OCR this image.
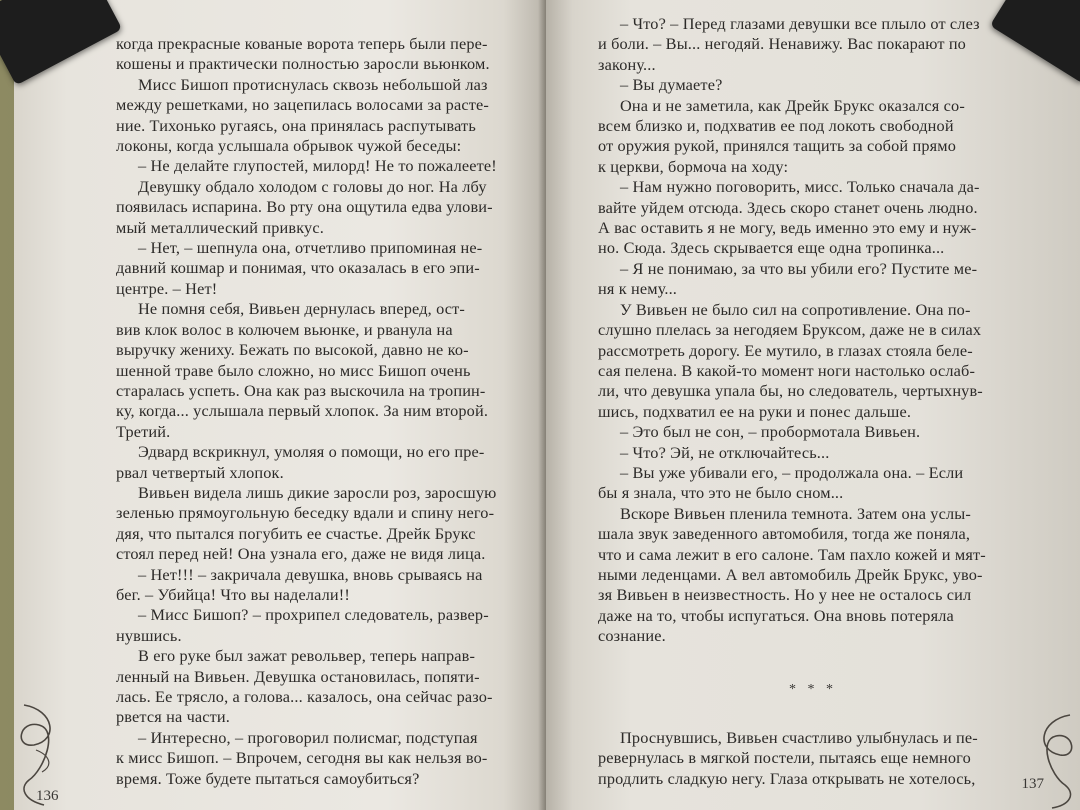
когда прекрасные кованые ворота теперь были пере-
кошены и практически полностью заросли вьюнком.
Мисс Бишоп протиснулась сквозь небольшой лаз
между решетками, но зацепилась волосами за расте-
ние. Тихонько ругаясь, она принялась распутывать
локоны, когда услышала обрывок чужой беседы:
– Не делайте глупостей, милорд! Не то пожалеете!
Девушку обдало холодом с головы до ног. На лбу
появилась испарина. Во рту она ощутила едва улови-
мый металлический привкус.
– Нет, – шепнула она, отчетливо припоминая не-
давний кошмар и понимая, что оказалась в его эпи-
центре. – Нет!
Не помня себя, Вивьен дернулась вперед, ост-
вив клок волос в колючем вьюнке, и рванула на
выручку жениху. Бежать по высокой, давно не ко-
шенной траве было сложно, но мисс Бишоп очень
старалась успеть. Она как раз выскочила на тропин-
ку, когда... услышала первый хлопок. За ним второй.
Третий.
Эдвард вскрикнул, умоляя о помощи, но его пре-
рвал четвертый хлопок.
Вивьен видела лишь дикие заросли роз, заросшую
зеленью прямоугольную беседку вдали и спину него-
дяя, что пытался погубить ее счастье. Дрейк Брукс
стоял перед ней! Она узнала его, даже не видя лица.
– Нет!!! – закричала девушка, вновь срываясь на
бег. – Убийца! Что вы наделали!!
– Мисс Бишоп? – прохрипел следователь, развер-
нувшись.
В его руке был зажат револьвер, теперь направ-
ленный на Вивьен. Девушка остановилась, попяти-
лась. Ее трясло, а голова... казалось, она сейчас разо-
рвется на части.
– Интересно, – проговорил полисмаг, подступая
к мисс Бишоп. – Впрочем, сегодня вы как нельзя во-
время. Тоже будете пытаться самоубиться?
136
– Что? – Перед глазами девушки все плыло от слез
и боли. – Вы... негодяй. Ненавижу. Вас покарают по
закону...
– Вы думаете?
Она и не заметила, как Дрейк Брукс оказался со-
всем близко и, подхватив ее под локоть свободной
от оружия рукой, принялся тащить за собой прямо
к церкви, бормоча на ходу:
– Нам нужно поговорить, мисс. Только сначала да-
вайте уйдем отсюда. Здесь скоро станет очень людно.
А вас оставить я не могу, ведь именно это ему и нуж-
но. Сюда. Здесь скрывается еще одна тропинка...
– Я не понимаю, за что вы убили его? Пустите ме-
ня к нему...
У Вивьен не было сил на сопротивление. Она по-
слушно плелась за негодяем Бруксом, даже не в силах
рассмотреть дорогу. Ее мутило, в глазах стояла беле-
сая пелена. В какой-то момент ноги настолько ослаб-
ли, что девушка упала бы, но следователь, чертыхнув-
шись, подхватил ее на руки и понес дальше.
– Это был не сон, – пробормотала Вивьен.
– Что? Эй, не отключайтесь...
– Вы уже убивали его, – продолжала она. – Если
бы я знала, что это не было сном...
Вскоре Вивьен пленила темнота. Затем она услы-
шала звук заведенного автомобиля, тогда же поняла,
что и сама лежит в его салоне. Там пахло кожей и мят-
ными леденцами. А вел автомобиль Дрейк Брукс, уво-
зя Вивьен в неизвестность. Но у нее не осталось сил
даже на то, чтобы испугаться. Она вновь потеряла
сознание.
* * *
Проснувшись, Вивьен счастливо улыбнулась и пе-
ревернулась в мягкой постели, пытаясь еще немного
продлить сладкую негу. Глаза открывать не хотелось,	137
